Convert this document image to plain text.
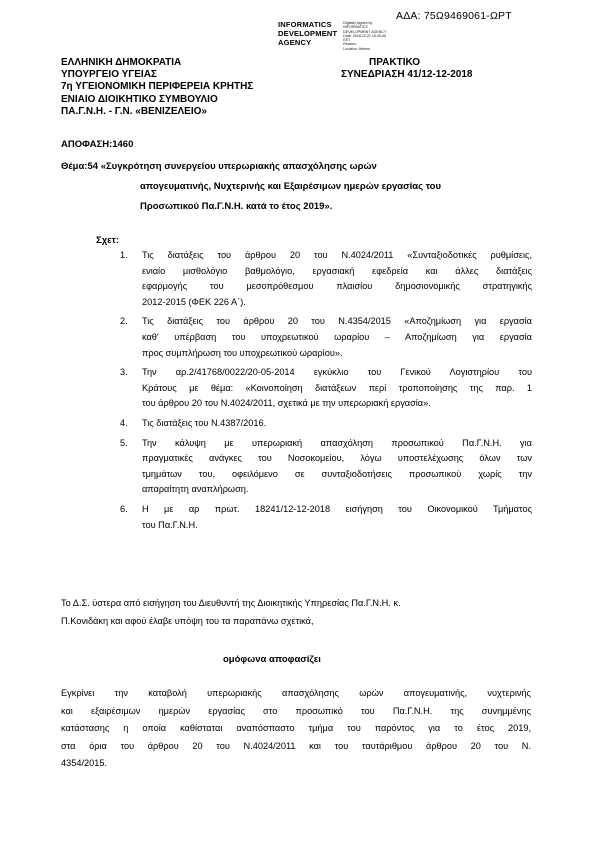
ΑΔΑ: 75Ω9469061-ΩΡΤ
INFORMATICS
DEVELOPMENT
AGENCY
Digitally signed by
INFORMATICS
DEVELOPMENT AGENCY
Date: 2018.12.21 15:26:45
EET
Reason:
Location: Athens
ΕΛΛΗΝΙΚΗ ΔΗΜΟΚΡΑΤΙΑ
ΥΠΟΥΡΓΕΙΟ ΥΓΕΙΑΣ
7η ΥΓΕΙΟΝΟΜΙΚΗ ΠΕΡΙΦΕΡΕΙΑ ΚΡΗΤΗΣ
ΕΝΙΑΙΟ ΔΙΟΙΚΗΤΙΚΟ ΣΥΜΒΟΥΛΙΟ
ΠΑ.Γ.Ν.Η. - Γ.Ν. «ΒΕΝΙΖΕΛΕΙΟ»
ΠΡΑΚΤΙΚΟ
ΣΥΝΕΔΡΙΑΣΗ 41/12-12-2018
ΑΠΟΦΑΣΗ:1460
Θέμα:54 «Συγκρότηση συνεργείου υπερωριακής απασχόλησης ωρών
απογευματινής, Νυχτερινής και Εξαιρέσιμων ημερών εργασίας του
Προσωπικού Πα.Γ.Ν.Η. κατά το έτος 2019».
Σχετ:
1.	Τις διατάξεις του άρθρου 20 του Ν.4024/2011 «Συνταξιοδοτικές ρυθμίσεις,
ενιαίο μισθολόγιο βαθμολόγιο, εργασιακή εφεδρεία και άλλες διατάξεις
εφαρμογής του μεσοπρόθεσμου πλαισίου δημοσιονομικής στρατηγικής
2012-2015 (ΦΕΚ 226 Α΄).
2.	Τις διατάξεις του άρθρου 20 του Ν.4354/2015 «Αποζημίωση για εργασία
καθ' υπέρβαση του υποχρεωτικού ωραρίου – Αποζημίωση για εργασία
προς συμπλήρωση του υποχρεωτικού ωραρίου».
3.	Την αρ.2/41768/0022/20-05-2014 εγκύκλιο του Γενικού Λογιστηρίου του
Κράτους με θέμα: «Κοινοποίηση διατάξεων περί τροποποίησης της παρ. 1
του άρθρου 20 του Ν.4024/2011, σχετικά με την υπερωριακή εργασία».
4.	Τις διατάξεις του Ν.4387/2016.
5.	Την κάλυψη με υπερωριακή απασχόληση προσωπικού Πα.Γ.Ν.Η. για
πραγματικές ανάγκες του Νοσοκομείου, λόγω υποστελέχωσης όλων των
τμημάτων του, οφειλόμενο σε συνταξιοδοτήσεις προσωπικού χωρίς την
απαραίτητη αναπλήρωση.
6.	Η με αρ πρωτ. 18241/12-12-2018 εισήγηση του Οικονομικού Τμήματος
του Πα.Γ.Ν.Η.
Το Δ.Σ. ύστερα από εισήγηση του Διευθυντή της Διοικητικής Υπηρεσίας Πα.Γ.Ν.Η. κ.
Π.Κονιδάκη και αφού έλαβε υπόψη του τα παραπάνω σχετικά,
ομόφωνα αποφασίζει
Εγκρίνει την καταβολή υπερωριακής απασχόλησης ωρών απογευματινής, νυχτερινής
και εξαιρέσιμων ημερών εργασίας στο προσωπικό του Πα.Γ.Ν.Η. της συνημμένης
κατάστασης η οποία καθίσταται αναπόσπαστο τμήμα του παρόντος για το έτος 2019,
στα όρια του άρθρου 20 του Ν.4024/2011 και του ταυτάριθμου άρθρου 20 του Ν.
4354/2015.
